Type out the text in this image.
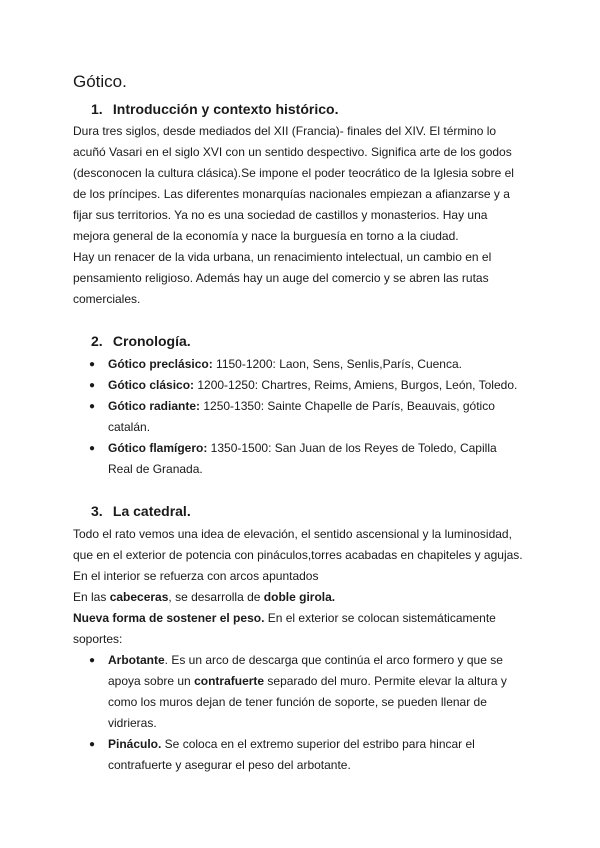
Gótico.
1. Introducción y contexto histórico.

Dura tres siglos, desde mediados del XII (Francia)- finales del XIV. El término lo

acuñó Vasari en el siglo XVI con un sentido despectivo. Significa arte de los godos

(desconocen la cultura clásica).Se impone el poder teocrático de la Iglesia sobre el

de los príncipes. Las diferentes monarquías nacionales empiezan a afianzarse y a

fijar sus territorios. Ya no es una sociedad de castillos y monasterios. Hay una

mejora general de la economía y nace la burguesía en torno a la ciudad.

Hay un renacer de la vida urbana, un renacimiento intelectual, un cambio en el

pensamiento religioso. Además hay un auge del comercio y se abren las rutas

comerciales.

2. Cronología.
● Gótico preclásico: 1150-1200: Laon, Sens, Senlis,París, Cuenca.

● Gótico clásico: 1200-1250: Chartres, Reims, Amiens, Burgos, León, Toledo.

● Gótico radiante: 1250-1350: Sainte Chapelle de París, Beauvais, gótico

catalán.

● Gótico flamígero: 1350-1500: San Juan de los Reyes de Toledo, Capilla

Real de Granada.

3. La catedral.

Todo el rato vemos una idea de elevación, el sentido ascensional y la luminosidad,

que en el exterior de potencia con pináculos,torres acabadas en chapiteles y agujas.

En el interior se refuerza con arcos apuntados

En las cabeceras, se desarrolla de doble girola.

Nueva forma de sostener el peso. En el exterior se colocan sistemáticamente

soportes:

● Arbotante. Es un arco de descarga que continúa el arco formero y que se

apoya sobre un contrafuerte separado del muro. Permite elevar la altura y

como los muros dejan de tener función de soporte, se pueden llenar de

vidrieras.

● Pináculo. Se coloca en el extremo superior del estribo para hincar el

contrafuerte y asegurar el peso del arbotante.
